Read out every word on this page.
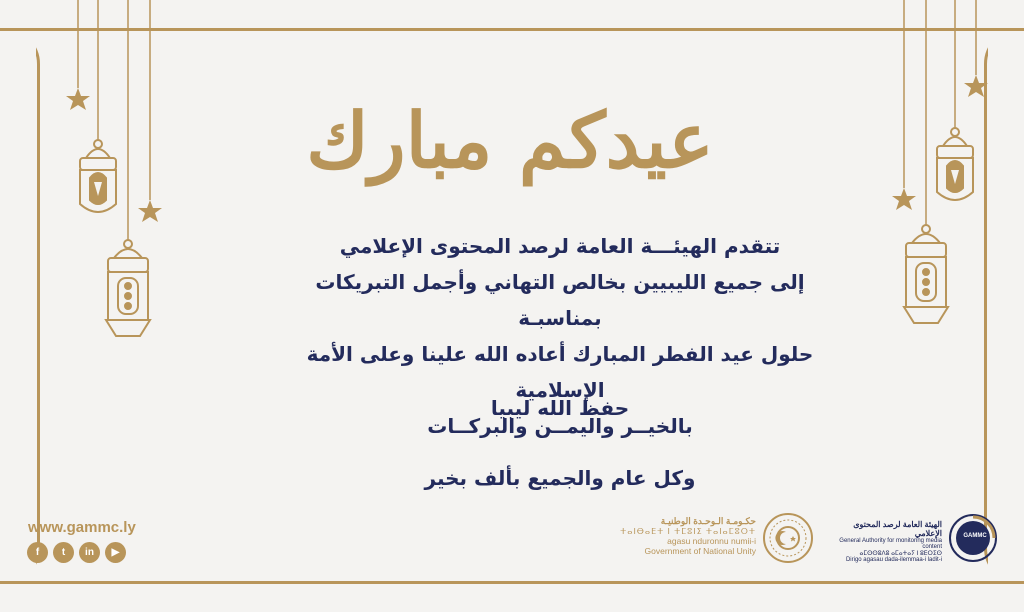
عيدكم مبارك

تتقدم الهيئـــة العامة لرصد المحتوى الإعلامي

إلى جميع الليبيين بخالص التهاني وأجمل التبريكات بمناسبـة

حلول عيد الفطر المبارك أعاده الله علينا وعلى الأمة الإسلامية

بالخيــر واليمــن والبركــات

حفظ الله ليبيا
وكل عام والجميع بألف بخير
www.gammc.ly
f	t	in	▶
حكـومـة الـوحـدة الوطنيـة
ⵜⴰⵏⴱⴰⴹⵜ ⵏ ⵜⵎⵓⵏⵉ ⵜⴰⵏⴰⵎⵓⵔⵜ
agasu nduronnu numii-i
Government of National Unity
الهيئة العامة لرصد المحتوى الإعلامي
General Authority for monitoring media content
ⴰⵎⵙⵙⵓⴷⵓ ⴰⵎⴰⵜⴰⵢ ⵏ ⵓⴹⵔⵉⵙ
Dirigo agasau dada-ilemmaa-i ladit-i
GAMMC
